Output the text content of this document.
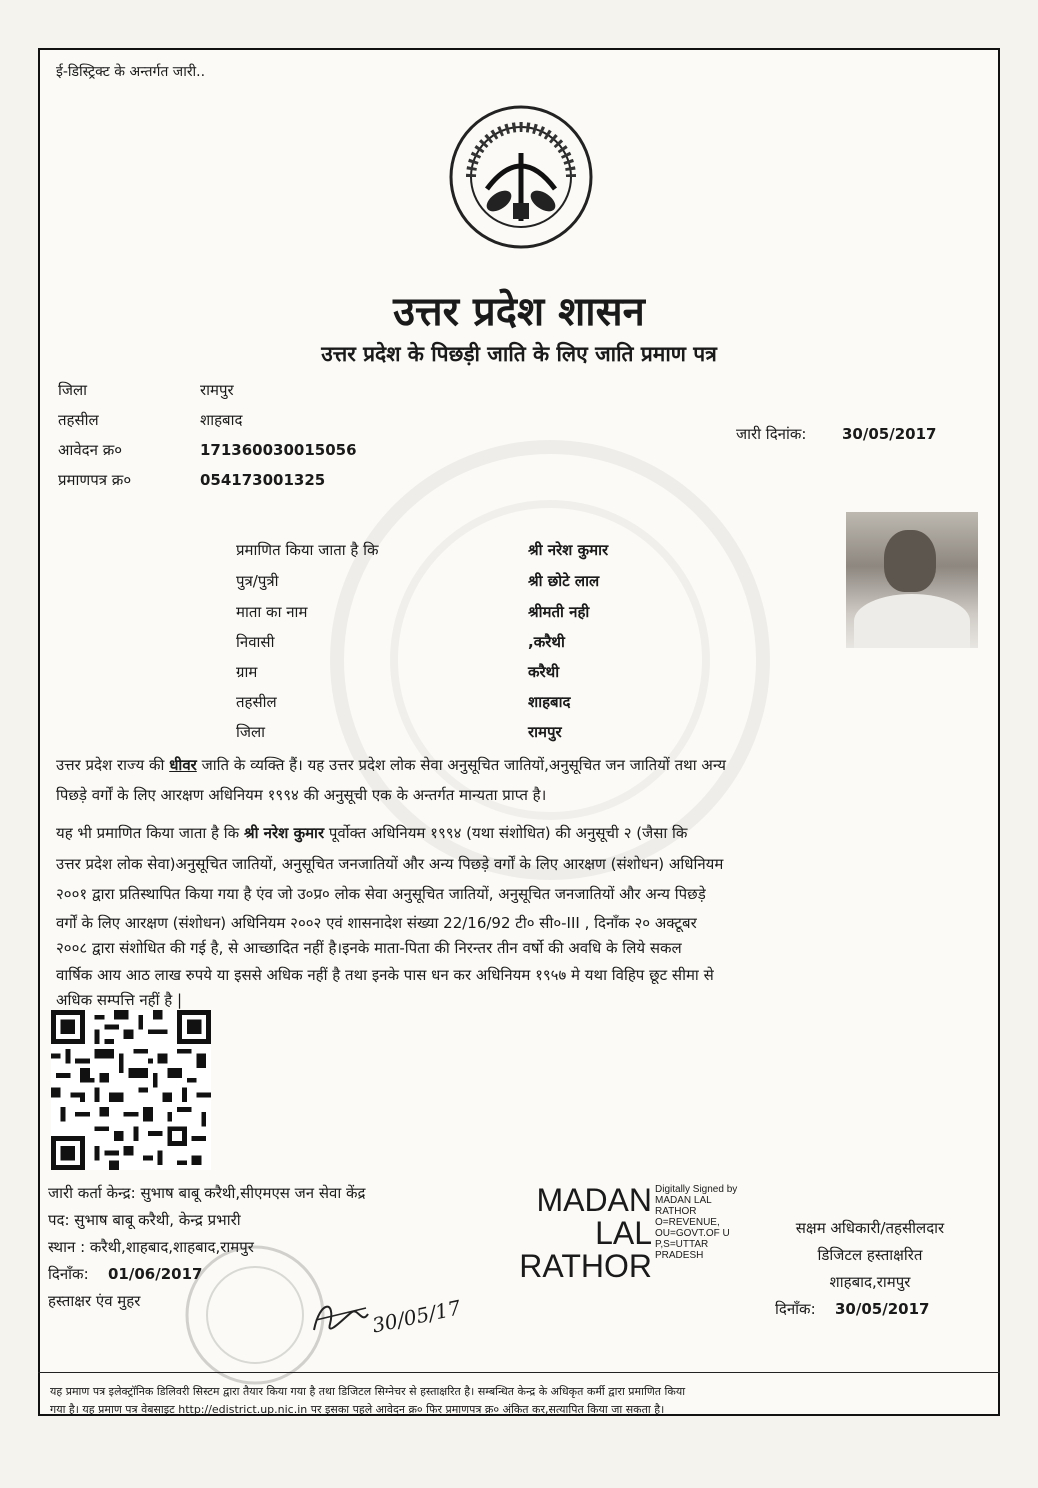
ई-डिस्ट्रिक्ट के अन्तर्गत जारी..
उत्तर प्रदेश शासन
उत्तर प्रदेश के पिछड़ी जाति के लिए जाति प्रमाण पत्र
जिला	रामपुर
तहसील	शाहबाद
आवेदन क्र०	171360030015056
प्रमाणपत्र क्र०	054173001325
जारी दिनांक: 30/05/2017
प्रमाणित किया जाता है कि	श्री नरेश कुमार
पुत्र/पुत्री	श्री छोटे लाल
माता का नाम	श्रीमती नही
निवासी	,करैथी
ग्राम	करैथी
तहसील	शाहबाद
जिला	रामपुर
उत्तर प्रदेश राज्य की धीवर जाति के व्यक्ति हैं। यह उत्तर प्रदेश लोक सेवा अनुसूचित जातियों,अनुसूचित जन जातियों तथा अन्य
पिछड़े वर्गों के लिए आरक्षण अधिनियम १९९४ की अनुसूची एक के अन्तर्गत मान्यता प्राप्त है।
यह भी प्रमाणित किया जाता है कि श्री नरेश कुमार पूर्वोक्त अधिनियम १९९४ (यथा संशोधित) की अनुसूची २ (जैसा कि
उत्तर प्रदेश लोक सेवा)अनुसूचित जातियों, अनुसूचित जनजातियों और अन्य पिछड़े वर्गों के लिए आरक्षण (संशोधन) अधिनियम
२००१ द्वारा प्रतिस्थापित किया गया है एंव जो उ०प्र० लोक सेवा अनुसूचित जातियों, अनुसूचित जनजातियों और अन्य पिछड़े
वर्गों के लिए आरक्षण (संशोधन) अधिनियम २००२ एवं शासनादेश संख्या 22/16/92 टी० सी०-III , दिनाँक २० अक्टूबर
२००८ द्वारा संशोधित की गई है, से आच्छादित नहीं है।इनके माता-पिता की निरन्तर तीन वर्षो की अवधि के लिये सकल
वार्षिक आय आठ लाख रुपये या इससे अधिक नहीं है तथा इनके पास धन कर अधिनियम १९५७ मे यथा विहिप छूट सीमा से
अधिक सम्पत्ति नहीं है |
जारी कर्ता केन्द्र: सुभाष बाबू करैथी,सीएमएस जन सेवा केंद्र
पद: सुभाष बाबू करैथी, केन्द्र प्रभारी
स्थान : करैथी,शाहबाद,शाहबाद,रामपुर
दिनाँक: 01/06/2017
हस्ताक्षर एंव मुहर	30/05/17
MADAN
LAL
RATHOR
Digitally Signed by
MADAN LAL
RATHOR
O=REVENUE,
OU=GOVT.OF U
P,S=UTTAR
PRADESH
सक्षम अधिकारी/तहसीलदार
डिजिटल हस्ताक्षरित
शाहबाद,रामपुर
दिनाँक: 30/05/2017
यह प्रमाण पत्र इलेक्ट्रॉनिक डिलिवरी सिस्टम द्वारा तैयार किया गया है तथा डिजिटल सिग्नेचर से हस्ताक्षरित है। सम्बन्धित केन्द्र के अधिकृत कर्मी द्वारा प्रमाणित किया
गया है। यह प्रमाण पत्र वेबसाइट http://edistrict.up.nic.in पर इसका पहले आवेदन क्र० फिर प्रमाणपत्र क्र० अंकित कर,सत्यापित किया जा सकता है।
